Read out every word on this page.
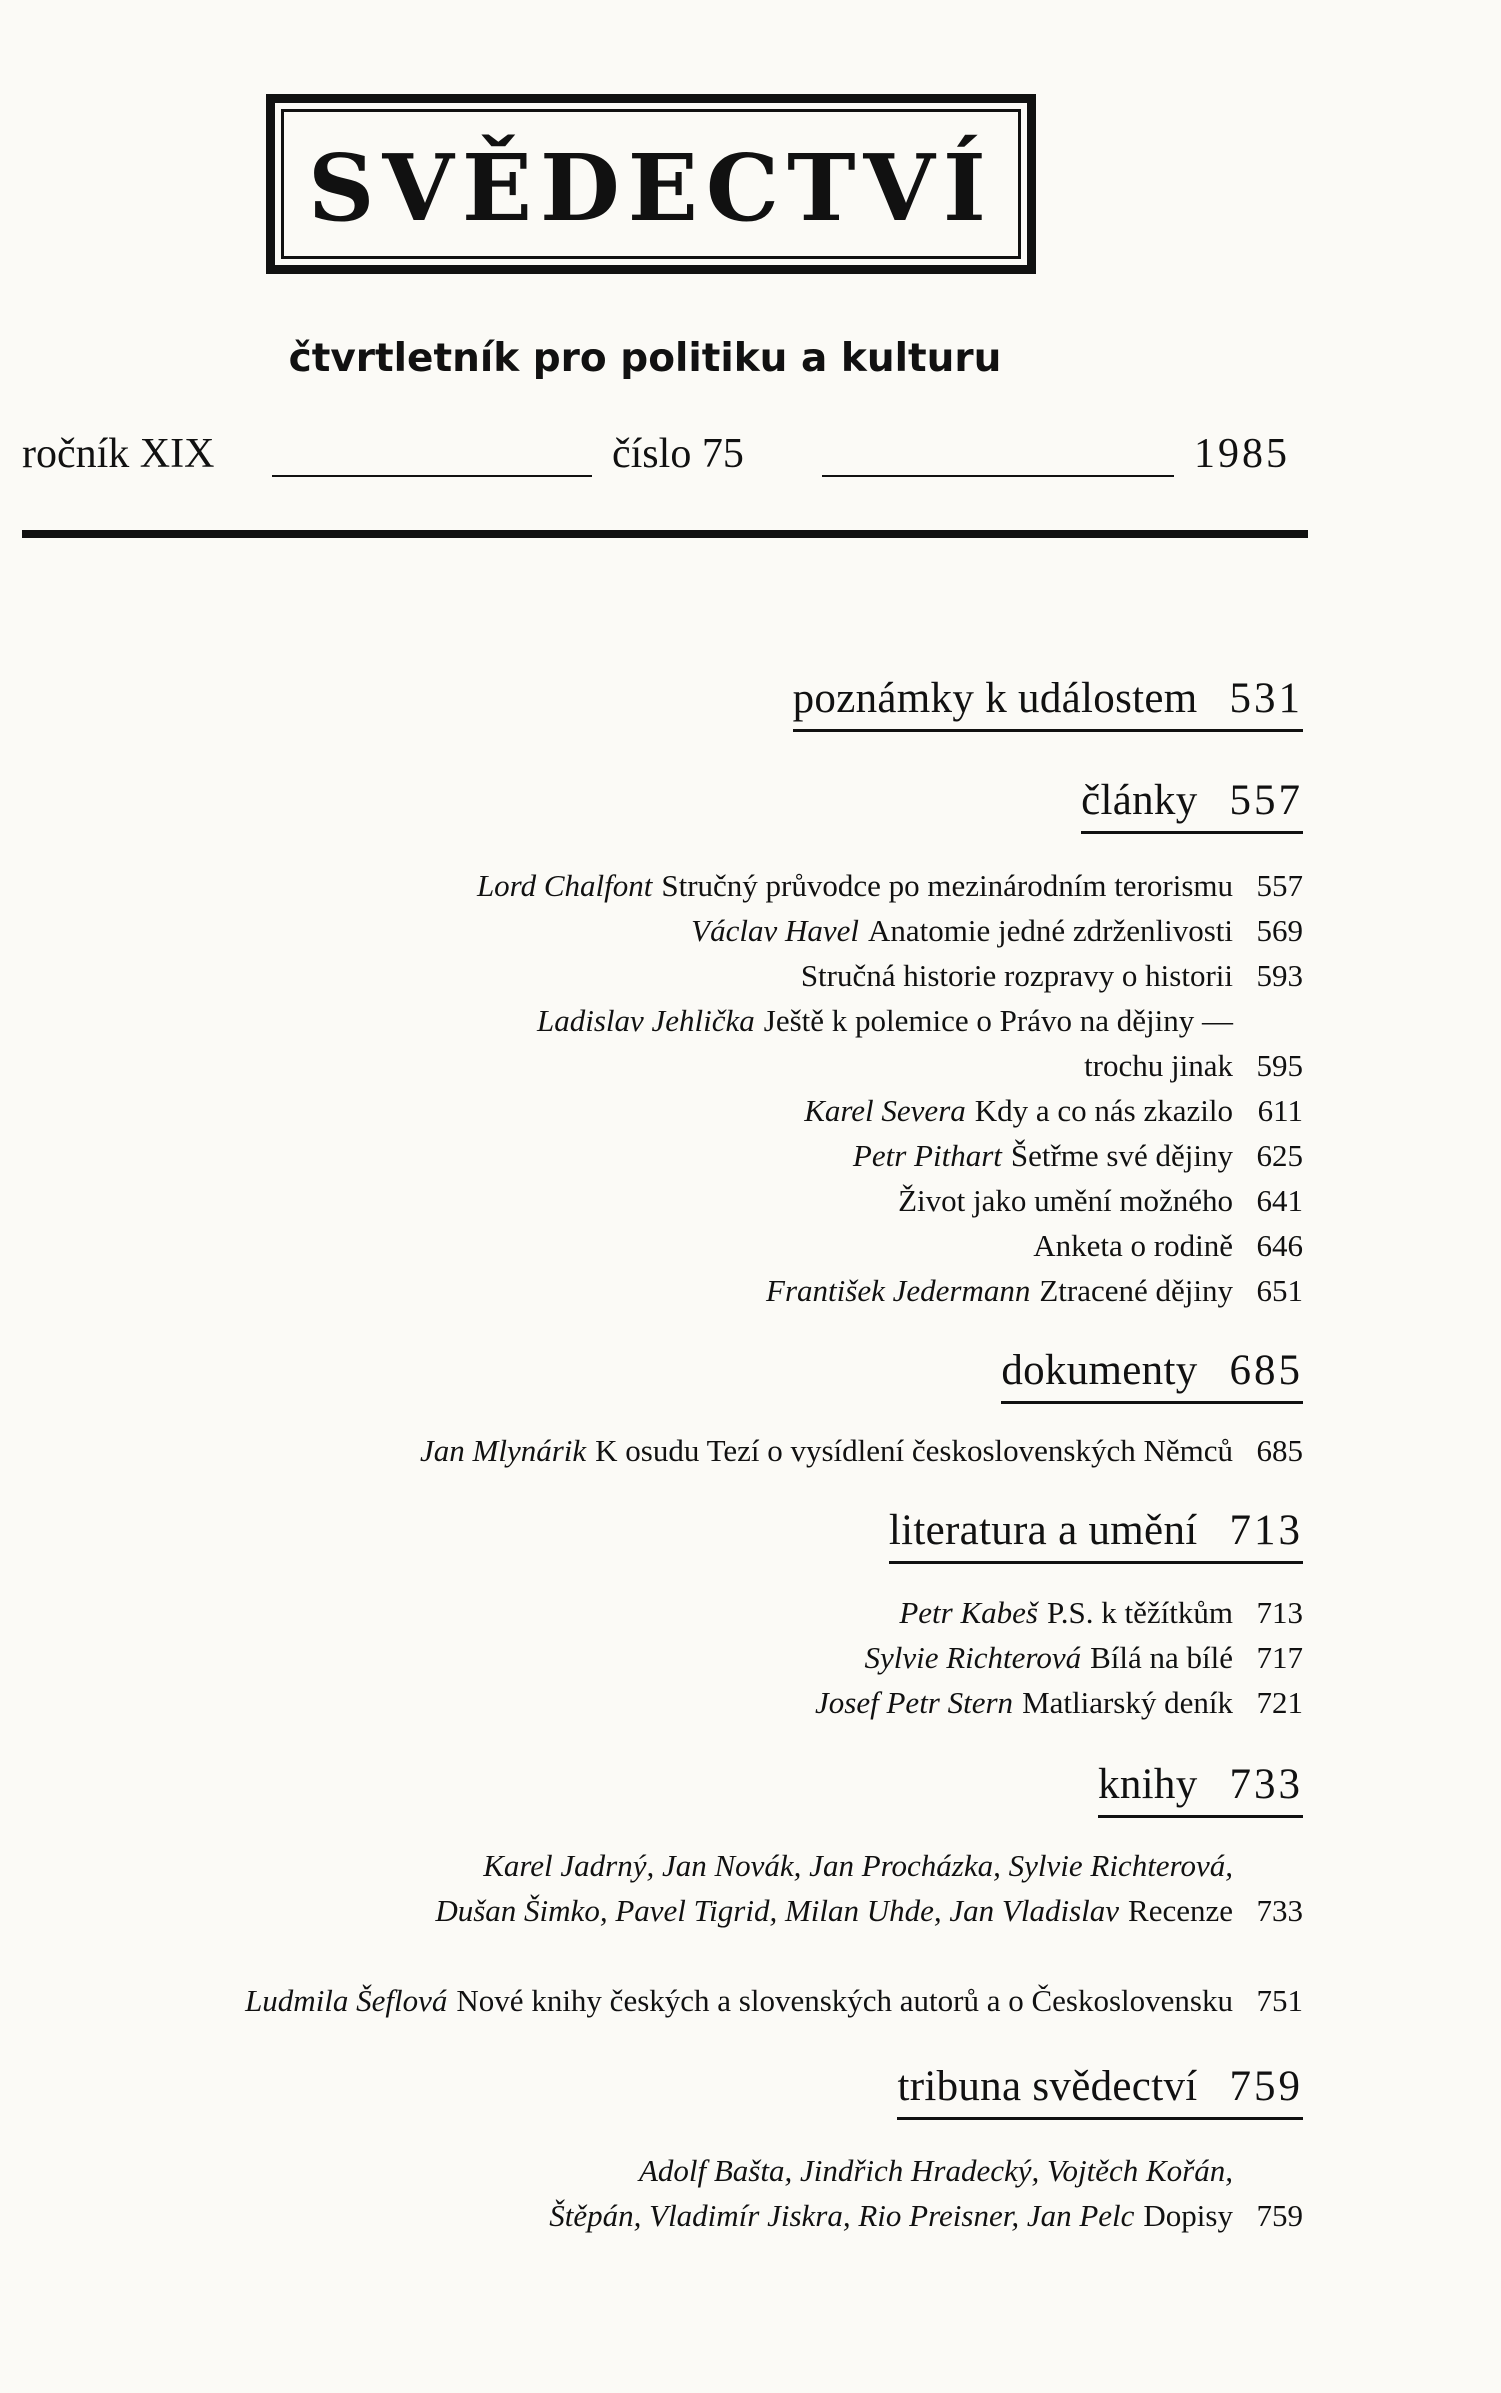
SVĚDECTVÍ
čtvrtletník pro politiku a kulturu
ročník XIX	číslo 75	1985
poznámky k událostem 531
články 557
Lord Chalfont Stručný průvodce po mezinárodním terorismu 557
Václav Havel Anatomie jedné zdrženlivosti 569
Stručná historie rozpravy o historii 593
Ladislav Jehlička Ještě k polemice o Právo na dějiny —
trochu jinak 595
Karel Severa Kdy a co nás zkazilo 611
Petr Pithart Šetřme své dějiny 625
Život jako umění možného 641
Anketa o rodině 646
František Jedermann Ztracené dějiny 651
dokumenty 685
Jan Mlynárik K osudu Tezí o vysídlení československých Němců 685
literatura a umění 713
Petr Kabeš P.S. k těžítkům 713
Sylvie Richterová Bílá na bílé 717
Josef Petr Stern Matliarský deník 721
knihy 733
Karel Jadrný, Jan Novák, Jan Procházka, Sylvie Richterová,
Dušan Šimko, Pavel Tigrid, Milan Uhde, Jan Vladislav Recenze 733
Ludmila Šeflová Nové knihy českých a slovenských autorů a o Československu 751
tribuna svědectví 759
Adolf Bašta, Jindřich Hradecký, Vojtěch Kořán,
Štěpán, Vladimír Jiskra, Rio Preisner, Jan Pelc Dopisy 759
